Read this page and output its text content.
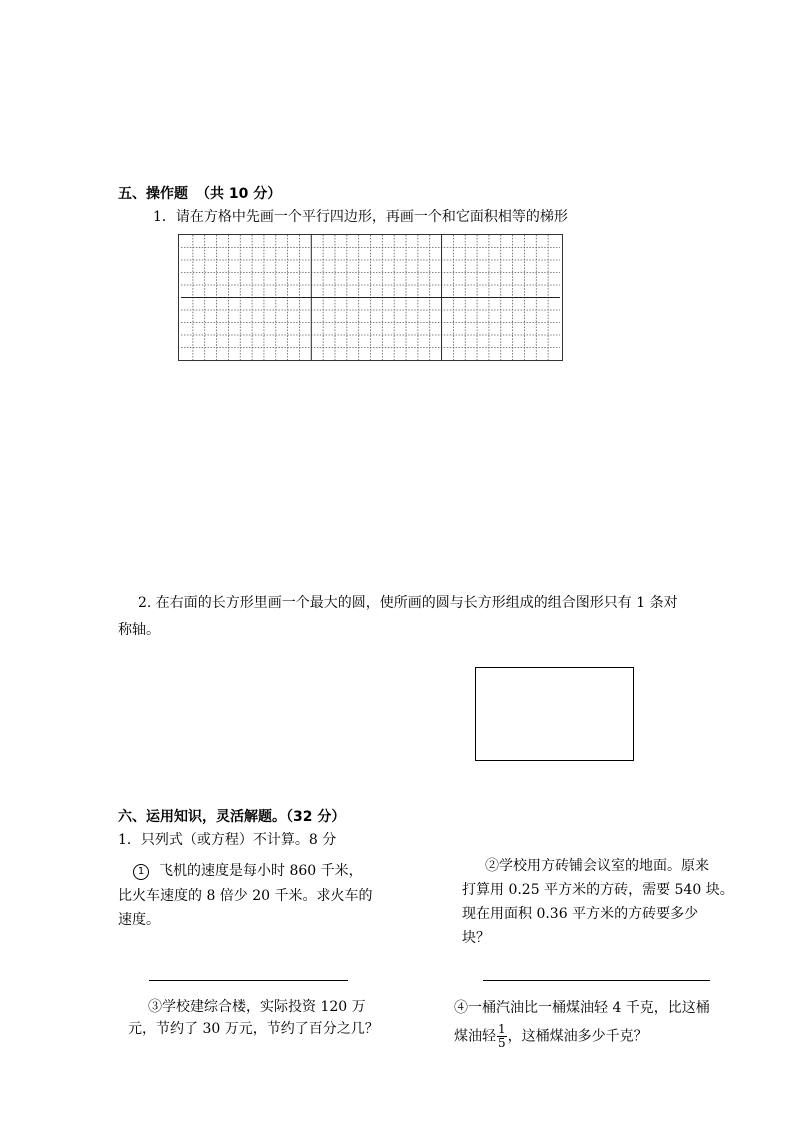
五、操作题 （共 10 分）
1．请在方格中先画一个平行四边形，再画一个和它面积相等的梯形
2. 在右面的长方形里画一个最大的圆，使所画的圆与长方形组成的组合图形只有 1 条对
称轴。
六、运用知识，灵活解题。（32 分）
1．只列式（或方程）不计算。8 分
1 飞机的速度是每小时 860 千米，
比火车速度的 8 倍少 20 千米。求火车的
速度。
②学校用方砖铺会议室的地面。原来
打算用 0.25 平方米的方砖，需要 540 块。
现在用面积 0.36 平方米的方砖要多少
块？
③学校建综合楼，实际投资 120 万
元，节约了 30 万元，节约了百分之几？
④一桶汽油比一桶煤油轻 4 千克，比这桶
煤油轻 $\frac{1}{5}$ ，这桶煤油多少千克？
